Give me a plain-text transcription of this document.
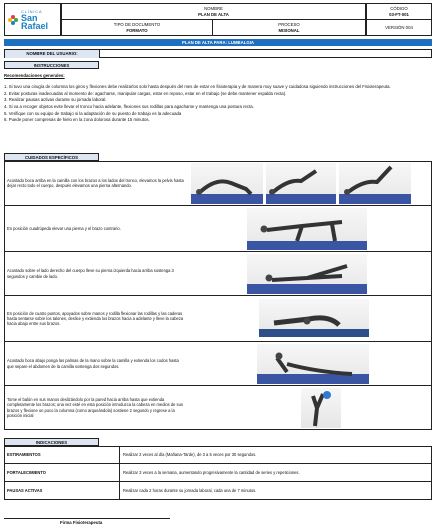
CLÍNICA
San
Rafael
NOMBRE
PLAN DE ALTA
CÓDIGO
03-FT-001
TIPO DE DOCUMENTO
FORMATO
PROCESO
MISIONAL
VERSIÓN 004
PLAN DE ALTA PARA: LUMBALGIA
NOMBRE DEL USUARIO:
INSTRUCCIONES

Recomendaciones generales:

1. Si tuvo una cirugía de columna los giros y flexiones debe realizarlos solo hasta después del mes de estar en fisioterapia y de manera muy suave y cuidadosa siguiendo instrucciones del Fisioterapeuta.

2. Evitar posturas inadecuadas al momento de: agacharse, manipular cargas, estar en reposo, estar en el trabajo (se debe mantener espalda recta).

3. Realizar pausas activas durante su jornada laboral.

4. Si va a recoger objetos evite llevar el tronco hacia adelante, flexiones sus rodillas para agacharse y mantenga una postura recta.

5. Verifique con su equipo de trabajo si la adaptación de su puesto de trabajo es la adecuada

6. Puede poner compresas de hielo en la zona dolorosa durante 15 minutos.

CUIDADOS ESPECÍFICOS
Acostado boca arriba en la camilla con los brazos a los lados del tronco, elevamos la pelvis hasta dejar recto todo el cuerpo, después elevamos una pierna alternando.
En posición cuadrúpeda elevar una pierna y el brazo contrario.
Acostado sobre el lado derecho del cuerpo lleve su pierna izquierda hacia arriba sostenga 3 segundos y cambie de lado.
En posición de cuatro puntos, apoyados sobre manos y rodilla flexionar las rodillas y las caderas hasta sentarse sobre los talones, deslice y extienda los brazos hacia a adelante y lleve la cabeza hacia abajo entre sus brazos.
Acostado boca abajo ponga las palmas de la mano sobre la camilla y extienda los codos hasta que separe el abdomen de la camilla sostenga dos segundos.
Tome el balón en sus manos deslizándolo por la pared hacia arriba hasta que extienda completamente los brazos; una vez esté en esta posición introduzca la cabeza en medios de sus brazos y flexione un poco la columna (como arqueándola) sostiene 2 segundo y regrese a la posición inicial
INDICACIONES
ESTIRAMIENTOS	Realizar 2 veces al día (Mañana-Tarde), de 3 a 5 veces por 30 segundos.
FORTALECIMIENTO	Realizar 3 veces a la semana, aumentando progresivamente la cantidad de series y repeticiones.
PAUSAS ACTIVAS	Realizar cada 2 horas durante su jornada laboral, cada una de 7 minutos.
Firma Fisioterapeuta
